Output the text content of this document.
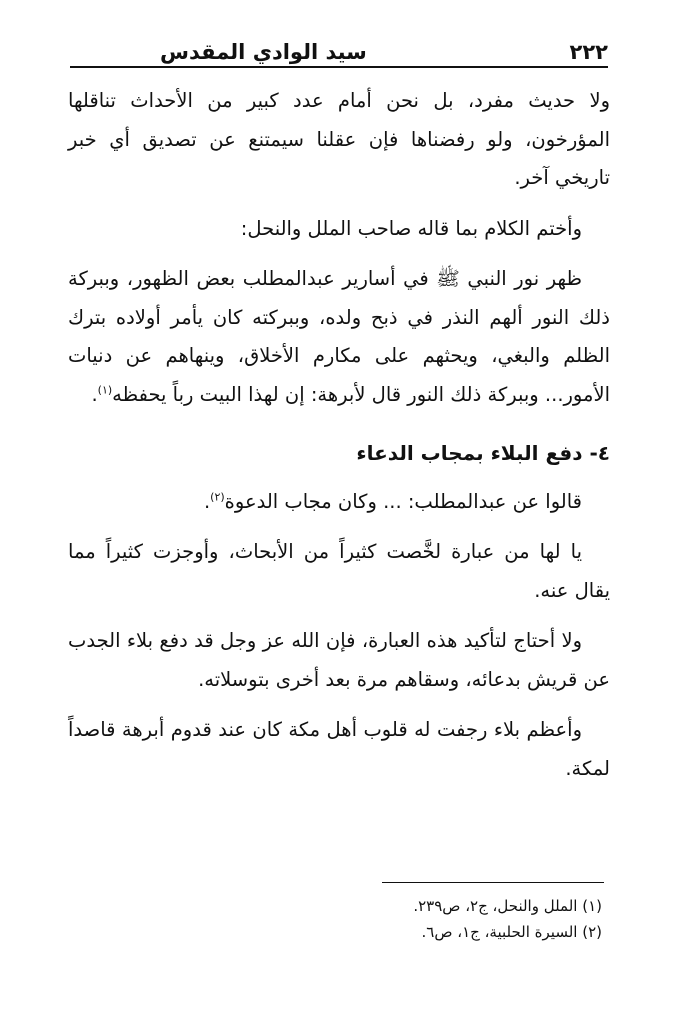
٢٢٢
سيد الوادي المقدس

ولا حديث مفرد، بل نحن أمام عدد كبير من الأحداث تناقلها المؤرخون، ولو رفضناها فإن عقلنا سيمتنع عن تصديق أي خبر تاريخي آخر.

وأختم الكلام بما قاله صاحب الملل والنحل:

ظهر نور النبي ﷺ في أسارير عبدالمطلب بعض الظهور، وببركة ذلك النور ألهم النذر في ذبح ولده، وببركته كان يأمر أولاده بترك الظلم والبغي، ويحثهم على مكارم الأخلاق، وينهاهم عن دنيات الأمور... وببركة ذلك النور قال لأبرهة: إن لهذا البيت رباً يحفظه$^{(١)}$.

٤- دفع البلاء بمجاب الدعاء

قالوا عن عبدالمطلب: ... وكان مجاب الدعوة$^{(٢)}$.

يا لها من عبارة لخَّصت كثيراً من الأبحاث، وأوجزت كثيراً مما يقال عنه.

ولا أحتاج لتأكيد هذه العبارة، فإن الله عز وجل قد دفع بلاء الجدب عن قريش بدعائه، وسقاهم مرة بعد أخرى بتوسلاته.

وأعظم بلاء رجفت له قلوب أهل مكة كان عند قدوم أبرهة قاصداً لمكة.

(١) الملل والنحل، ج٢، ص٢٣٩.
(٢) السيرة الحلبية، ج١، ص٦.
